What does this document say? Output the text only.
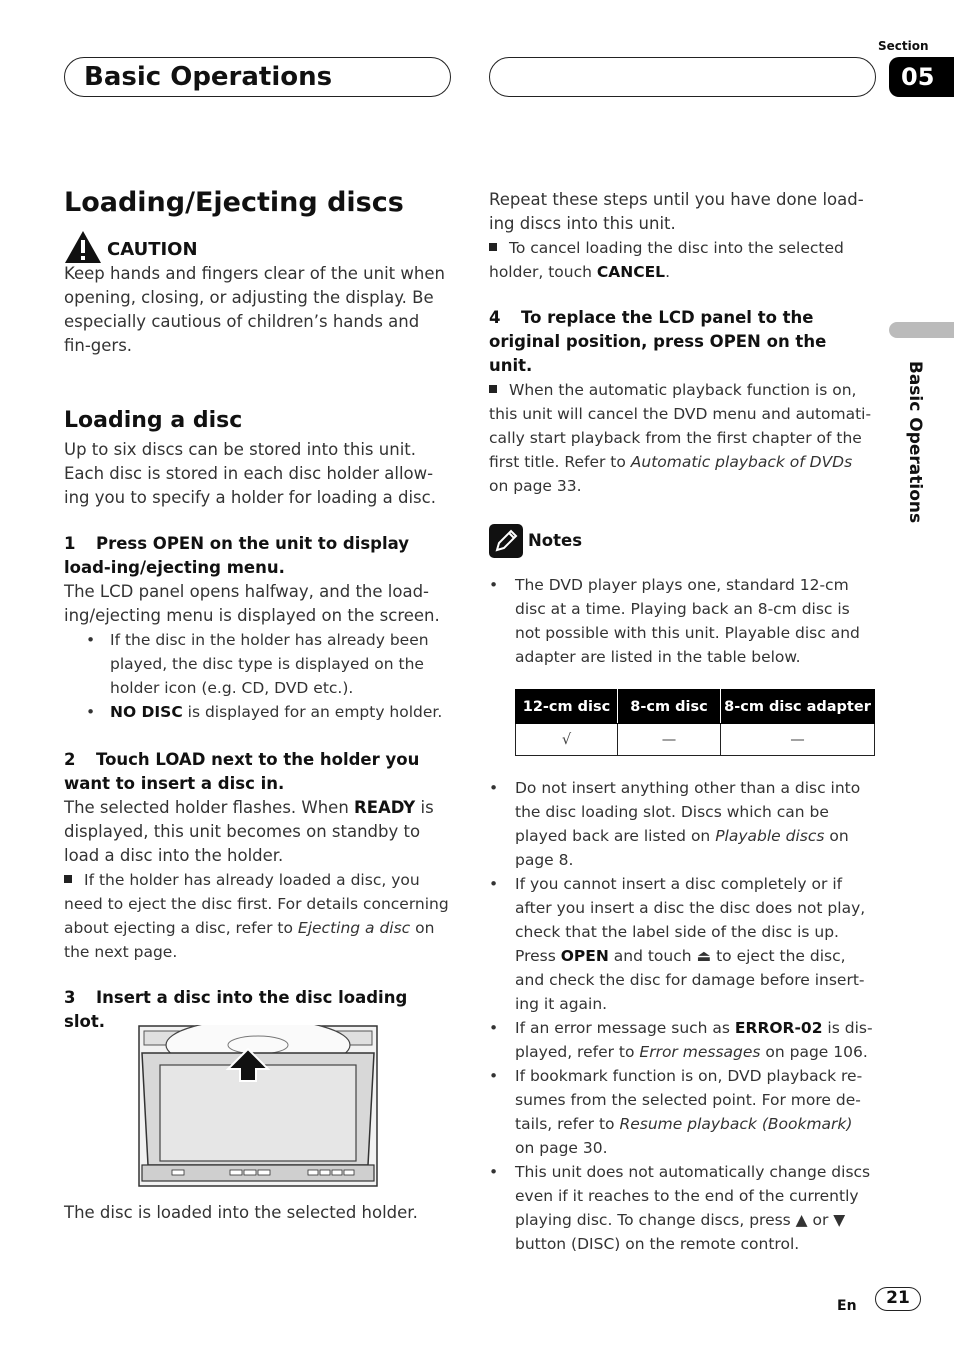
Basic Operations
Section
05
Basic Operations
Loading/Ejecting discs
CAUTION

Keep hands and fingers clear of the unit when opening, closing, or adjusting the display. Be especially cautious of children’s hands and fin-gers.

Loading a disc

Up to six discs can be stored into this unit. Each disc is stored in each disc holder allow-ing you to specify a holder for loading a disc.

1 Press OPEN on the unit to display load-ing/ejecting menu.

The LCD panel opens halfway, and the load-ing/ejecting menu is displayed on the screen.

• If the disc in the holder has already been played, the disc type is displayed on the holder icon (e.g. CD, DVD etc.).

• NO DISC is displayed for an empty holder.

2 Touch LOAD next to the holder you want to insert a disc in.

The selected holder flashes. When READY is displayed, this unit becomes on standby to load a disc into the holder.

If the holder has already loaded a disc, you need to eject the disc first. For details concerning about ejecting a disc, refer to Ejecting a disc on the next page.

3 Insert a disc into the disc loading slot.

The disc is loaded into the selected holder.

Repeat these steps until you have done load-ing discs into this unit.

To cancel loading the disc into the selected holder, touch CANCEL.

4 To replace the LCD panel to the original position, press OPEN on the unit.

When the automatic playback function is on, this unit will cancel the DVD menu and automati-cally start playback from the first chapter of the first title. Refer to Automatic playback of DVDs on page 33.

Notes

• The DVD player plays one, standard 12-cm disc at a time. Playing back an 8-cm disc is not possible with this unit. Playable disc and adapter are listed in the table below.

12-cm disc	8-cm disc	8-cm disc adapter
√	—	—

• Do not insert anything other than a disc into the disc loading slot. Discs which can be played back are listed on Playable discs on page 8.

• If you cannot insert a disc completely or if after you insert a disc the disc does not play, check that the label side of the disc is up. Press OPEN and touch ⏏ to eject the disc, and check the disc for damage before insert-ing it again.

• If an error message such as ERROR-02 is dis-played, refer to Error messages on page 106.

• If bookmark function is on, DVD playback re-sumes from the selected point. For more de-tails, refer to Resume playback (Bookmark) on page 30.

• This unit does not automatically change discs even if it reaches to the end of the currently playing disc. To change discs, press ▲ or ▼ button (DISC) on the remote control.

En	21
